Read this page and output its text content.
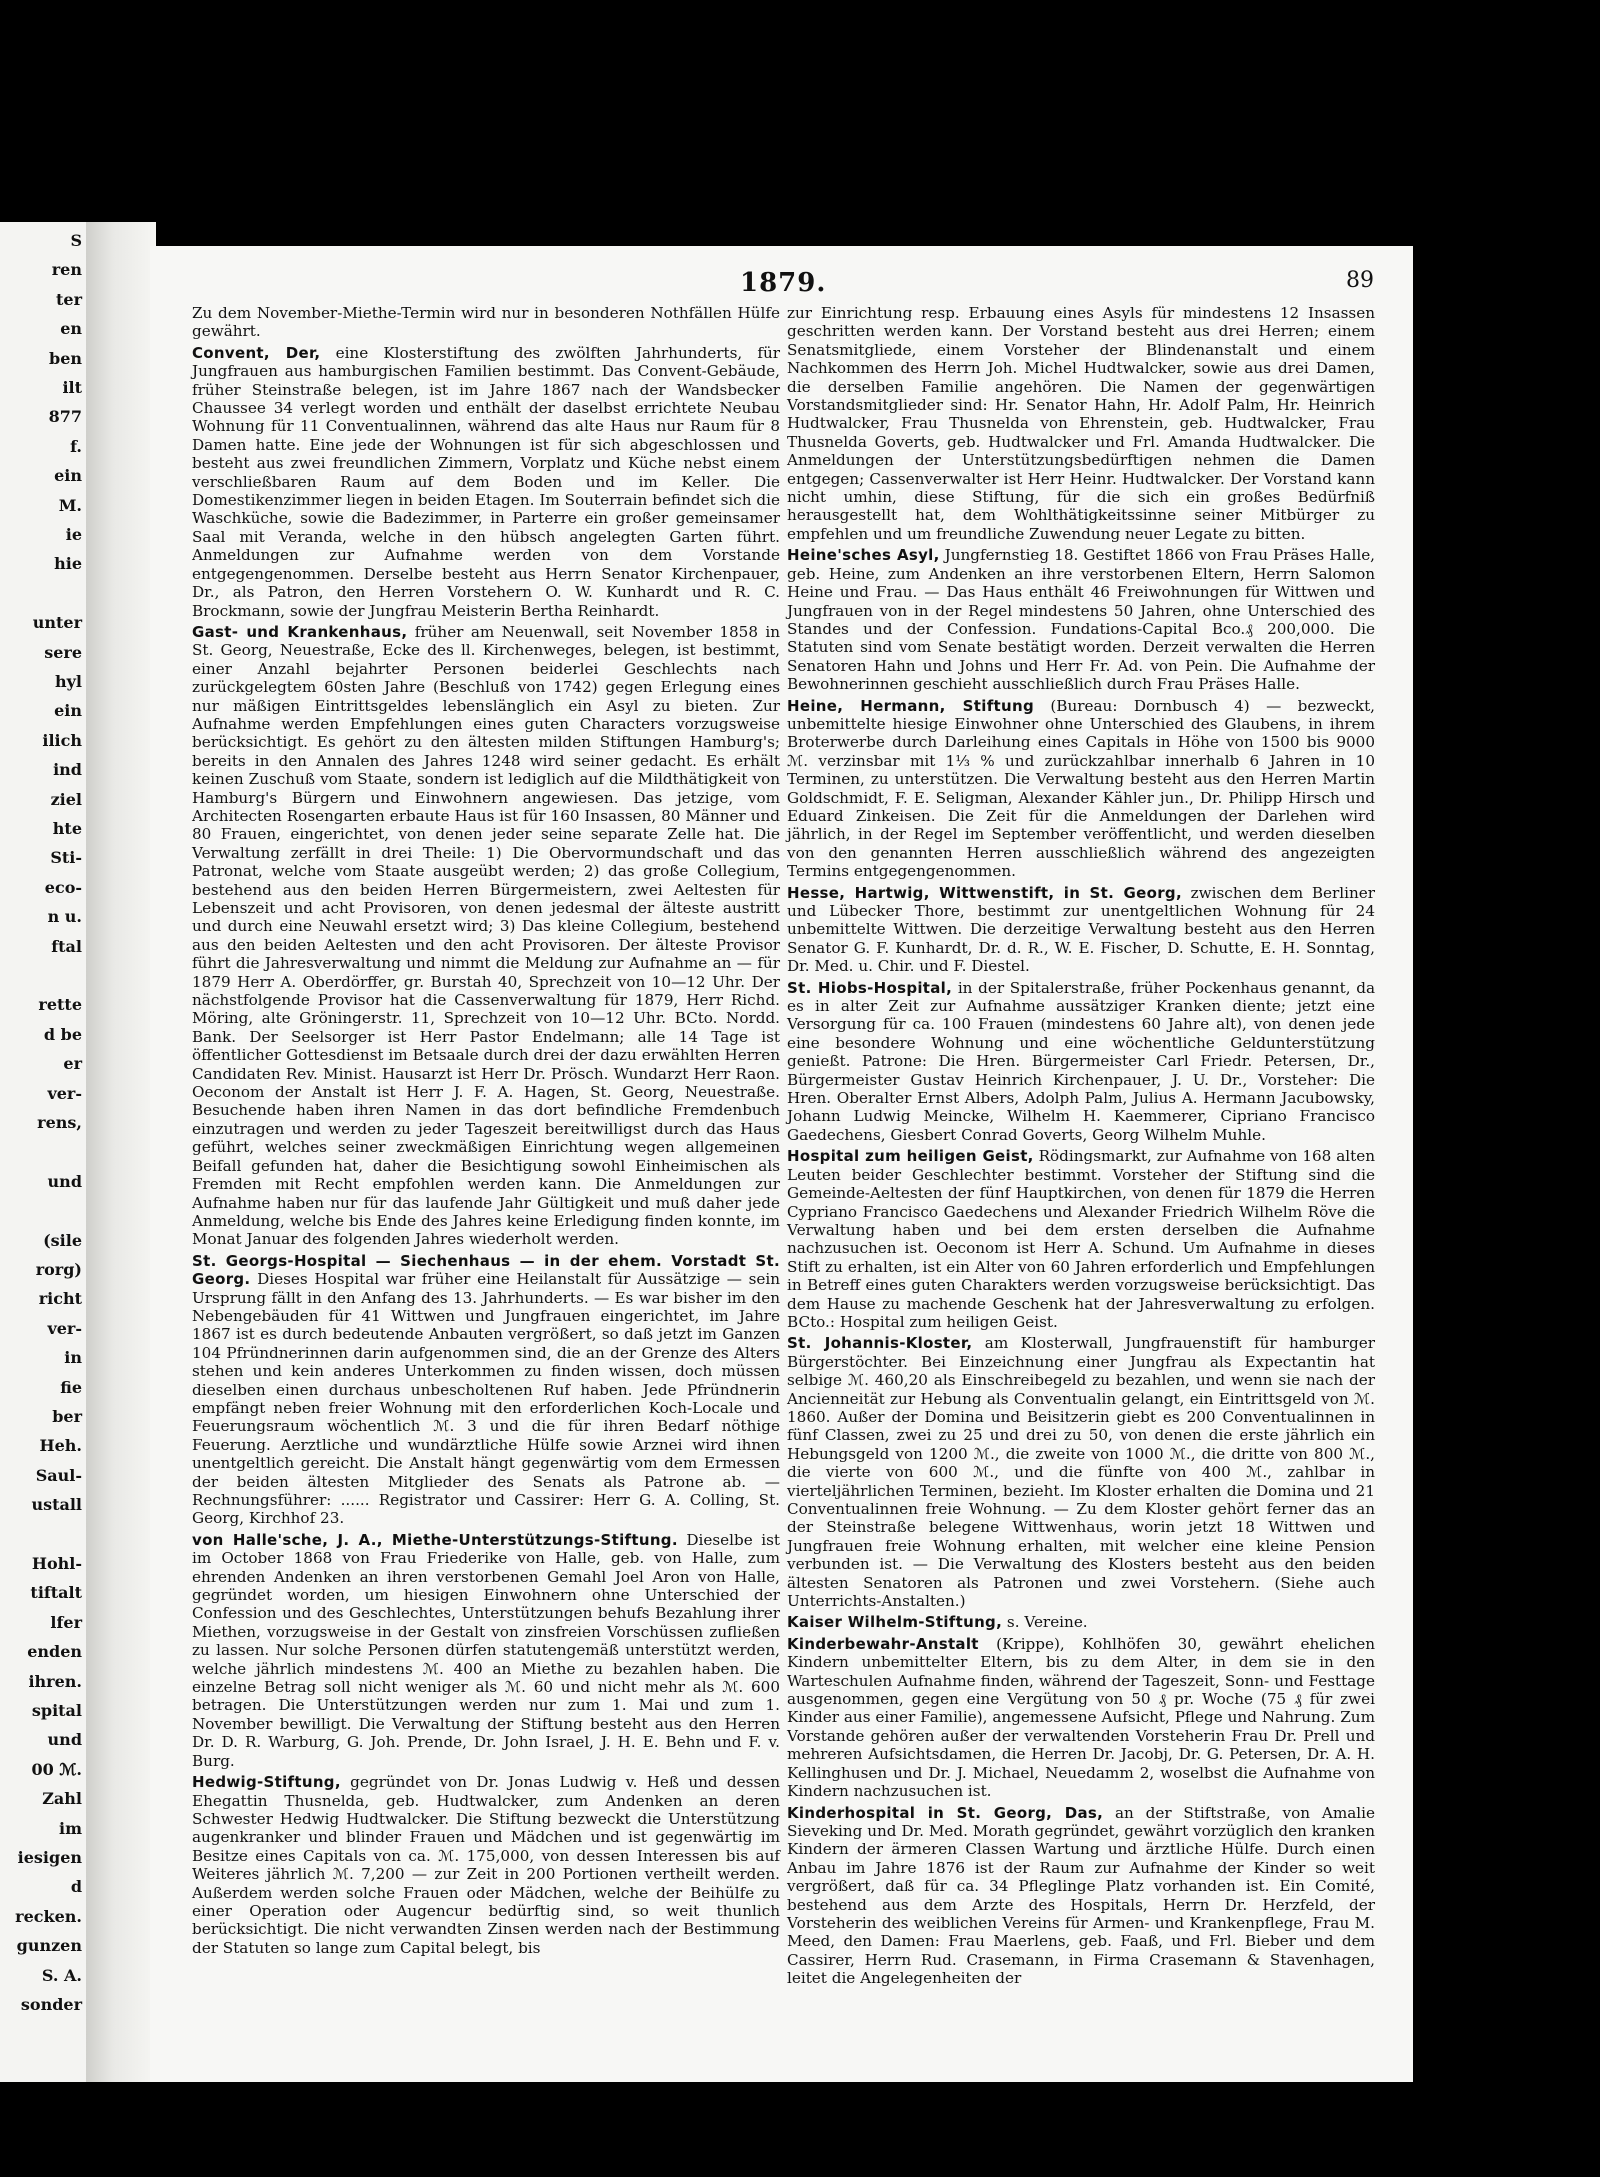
S
ren
ter
en
ben
ilt
877
f.
ein
M.
ie
hie
unter
sere
hyl
ein
ilich
ind
ziel
hte
Sti-
eco-
n u.
ftal
rette
d be
er
ver-
rens,
und
(sile
rorg)
richt
ver-
in
fie
ber
Heh.
Saul-
ustall
Hohl-
tiftalt
lfer
enden
ihren.
spital
und
00 ℳ.
Zahl
im
iesigen
d
recken.
gunzen
S. A.
sonder
1879.	89

Zu dem November-Miethe-Termin wird nur in besonderen Nothfällen Hülfe gewährt.

Convent, Der, eine Klosterstiftung des zwölften Jahrhunderts, für Jungfrauen aus hamburgischen Familien bestimmt. Das Convent-Gebäude, früher Steinstraße belegen, ist im Jahre 1867 nach der Wandsbecker Chaussee 34 verlegt worden und enthält der daselbst errichtete Neubau Wohnung für 11 Conventualinnen, während das alte Haus nur Raum für 8 Damen hatte. Eine jede der Wohnungen ist für sich abgeschlossen und besteht aus zwei freundlichen Zimmern, Vorplatz und Küche nebst einem verschließbaren Raum auf dem Boden und im Keller. Die Domestikenzimmer liegen in beiden Etagen. Im Souterrain befindet sich die Waschküche, sowie die Badezimmer, in Parterre ein großer gemeinsamer Saal mit Veranda, welche in den hübsch angelegten Garten führt. Anmeldungen zur Aufnahme werden von dem Vorstande entgegengenommen. Derselbe besteht aus Herrn Senator Kirchenpauer, Dr., als Patron, den Herren Vorstehern O. W. Kunhardt und R. C. Brockmann, sowie der Jungfrau Meisterin Bertha Reinhardt.

Gast- und Krankenhaus, früher am Neuenwall, seit November 1858 in St. Georg, Neuestraße, Ecke des ll. Kirchenweges, belegen, ist bestimmt, einer Anzahl bejahrter Personen beiderlei Geschlechts nach zurückgelegtem 60sten Jahre (Beschluß von 1742) gegen Erlegung eines nur mäßigen Eintrittsgeldes lebenslänglich ein Asyl zu bieten. Zur Aufnahme werden Empfehlungen eines guten Characters vorzugsweise berücksichtigt. Es gehört zu den ältesten milden Stiftungen Hamburg's; bereits in den Annalen des Jahres 1248 wird seiner gedacht. Es erhält keinen Zuschuß vom Staate, sondern ist lediglich auf die Mildthätigkeit von Hamburg's Bürgern und Einwohnern angewiesen. Das jetzige, vom Architecten Rosengarten erbaute Haus ist für 160 Insassen, 80 Männer und 80 Frauen, eingerichtet, von denen jeder seine separate Zelle hat. Die Verwaltung zerfällt in drei Theile: 1) Die Obervormundschaft und das Patronat, welche vom Staate ausgeübt werden; 2) das große Collegium, bestehend aus den beiden Herren Bürgermeistern, zwei Aeltesten für Lebenszeit und acht Provisoren, von denen jedesmal der älteste austritt und durch eine Neuwahl ersetzt wird; 3) Das kleine Collegium, bestehend aus den beiden Aeltesten und den acht Provisoren. Der älteste Provisor führt die Jahresverwaltung und nimmt die Meldung zur Aufnahme an — für 1879 Herr A. Oberdörffer, gr. Burstah 40, Sprechzeit von 10—12 Uhr. Der nächstfolgende Provisor hat die Cassenverwaltung für 1879, Herr Richd. Möring, alte Gröningerstr. 11, Sprechzeit von 10—12 Uhr. BCto. Nordd. Bank. Der Seelsorger ist Herr Pastor Endelmann; alle 14 Tage ist öffentlicher Gottesdienst im Betsaale durch drei der dazu erwählten Herren Candidaten Rev. Minist. Hausarzt ist Herr Dr. Prösch. Wundarzt Herr Raon. Oeconom der Anstalt ist Herr J. F. A. Hagen, St. Georg, Neuestraße. Besuchende haben ihren Namen in das dort befindliche Fremdenbuch einzutragen und werden zu jeder Tageszeit bereitwilligst durch das Haus geführt, welches seiner zweckmäßigen Einrichtung wegen allgemeinen Beifall gefunden hat, daher die Besichtigung sowohl Einheimischen als Fremden mit Recht empfohlen werden kann. Die Anmeldungen zur Aufnahme haben nur für das laufende Jahr Gültigkeit und muß daher jede Anmeldung, welche bis Ende des Jahres keine Erledigung finden konnte, im Monat Januar des folgenden Jahres wiederholt werden.

St. Georgs-Hospital — Siechenhaus — in der ehem. Vorstadt St. Georg. Dieses Hospital war früher eine Heilanstalt für Aussätzige — sein Ursprung fällt in den Anfang des 13. Jahrhunderts. — Es war bisher im den Nebengebäuden für 41 Wittwen und Jungfrauen eingerichtet, im Jahre 1867 ist es durch bedeutende Anbauten vergrößert, so daß jetzt im Ganzen 104 Pfründnerinnen darin aufgenommen sind, die an der Grenze des Alters stehen und kein anderes Unterkommen zu finden wissen, doch müssen dieselben einen durchaus unbescholtenen Ruf haben. Jede Pfründnerin empfängt neben freier Wohnung mit den erforderlichen Koch-Locale und Feuerungsraum wöchentlich ℳ. 3 und die für ihren Bedarf nöthige Feuerung. Aerztliche und wundärztliche Hülfe sowie Arznei wird ihnen unentgeltlich gereicht. Die Anstalt hängt gegenwärtig vom dem Ermessen der beiden ältesten Mitglieder des Senats als Patrone ab. — Rechnungsführer: ...... Registrator und Cassirer: Herr G. A. Colling, St. Georg, Kirchhof 23.

von Halle'sche, J. A., Miethe-Unterstützungs-Stiftung. Dieselbe ist im October 1868 von Frau Friederike von Halle, geb. von Halle, zum ehrenden Andenken an ihren verstorbenen Gemahl Joel Aron von Halle, gegründet worden, um hiesigen Einwohnern ohne Unterschied der Confession und des Geschlechtes, Unterstützungen behufs Bezahlung ihrer Miethen, vorzugsweise in der Gestalt von zinsfreien Vorschüssen zufließen zu lassen. Nur solche Personen dürfen statutengemäß unterstützt werden, welche jährlich mindestens ℳ. 400 an Miethe zu bezahlen haben. Die einzelne Betrag soll nicht weniger als ℳ. 60 und nicht mehr als ℳ. 600 betragen. Die Unterstützungen werden nur zum 1. Mai und zum 1. November bewilligt. Die Verwaltung der Stiftung besteht aus den Herren Dr. D. R. Warburg, G. Joh. Prende, Dr. John Israel, J. H. E. Behn und F. v. Burg.

Hedwig-Stiftung, gegründet von Dr. Jonas Ludwig v. Heß und dessen Ehegattin Thusnelda, geb. Hudtwalcker, zum Andenken an deren Schwester Hedwig Hudtwalcker. Die Stiftung bezweckt die Unterstützung augenkranker und blinder Frauen und Mädchen und ist gegenwärtig im Besitze eines Capitals von ca. ℳ. 175,000, von dessen Interessen bis auf Weiteres jährlich ℳ. 7,200 — zur Zeit in 200 Portionen vertheilt werden. Außerdem werden solche Frauen oder Mädchen, welche der Beihülfe zu einer Operation oder Augencur bedürftig sind, so weit thunlich berücksichtigt. Die nicht verwandten Zinsen werden nach der Bestimmung der Statuten so lange zum Capital belegt, bis

zur Einrichtung resp. Erbauung eines Asyls für mindestens 12 Insassen geschritten werden kann. Der Vorstand besteht aus drei Herren; einem Senatsmitgliede, einem Vorsteher der Blindenanstalt und einem Nachkommen des Herrn Joh. Michel Hudtwalcker, sowie aus drei Damen, die derselben Familie angehören. Die Namen der gegenwärtigen Vorstandsmitglieder sind: Hr. Senator Hahn, Hr. Adolf Palm, Hr. Heinrich Hudtwalcker, Frau Thusnelda von Ehrenstein, geb. Hudtwalcker, Frau Thusnelda Goverts, geb. Hudtwalcker und Frl. Amanda Hudtwalcker. Die Anmeldungen der Unterstützungsbedürftigen nehmen die Damen entgegen; Cassenverwalter ist Herr Heinr. Hudtwalcker. Der Vorstand kann nicht umhin, diese Stiftung, für die sich ein großes Bedürfniß herausgestellt hat, dem Wohlthätigkeitssinne seiner Mitbürger zu empfehlen und um freundliche Zuwendung neuer Legate zu bitten.

Heine'sches Asyl, Jungfernstieg 18. Gestiftet 1866 von Frau Präses Halle, geb. Heine, zum Andenken an ihre verstorbenen Eltern, Herrn Salomon Heine und Frau. — Das Haus enthält 46 Freiwohnungen für Wittwen und Jungfrauen von in der Regel mindestens 50 Jahren, ohne Unterschied des Standes und der Confession. Fundations-Capital Bco.₰ 200,000. Die Statuten sind vom Senate bestätigt worden. Derzeit verwalten die Herren Senatoren Hahn und Johns und Herr Fr. Ad. von Pein. Die Aufnahme der Bewohnerinnen geschieht ausschließlich durch Frau Präses Halle.

Heine, Hermann, Stiftung (Bureau: Dornbusch 4) — bezweckt, unbemittelte hiesige Einwohner ohne Unterschied des Glaubens, in ihrem Broterwerbe durch Darleihung eines Capitals in Höhe von 1500 bis 9000 ℳ. verzinsbar mit 1⅓ % und zurückzahlbar innerhalb 6 Jahren in 10 Terminen, zu unterstützen. Die Verwaltung besteht aus den Herren Martin Goldschmidt, F. E. Seligman, Alexander Kähler jun., Dr. Philipp Hirsch und Eduard Zinkeisen. Die Zeit für die Anmeldungen der Darlehen wird jährlich, in der Regel im September veröffentlicht, und werden dieselben von den genannten Herren ausschließlich während des angezeigten Termins entgegengenommen.

Hesse, Hartwig, Wittwenstift, in St. Georg, zwischen dem Berliner und Lübecker Thore, bestimmt zur unentgeltlichen Wohnung für 24 unbemittelte Wittwen. Die derzeitige Verwaltung besteht aus den Herren Senator G. F. Kunhardt, Dr. d. R., W. E. Fischer, D. Schutte, E. H. Sonntag, Dr. Med. u. Chir. und F. Diestel.

St. Hiobs-Hospital, in der Spitalerstraße, früher Pockenhaus genannt, da es in alter Zeit zur Aufnahme aussätziger Kranken diente; jetzt eine Versorgung für ca. 100 Frauen (mindestens 60 Jahre alt), von denen jede eine besondere Wohnung und eine wöchentliche Geldunterstützung genießt. Patrone: Die Hren. Bürgermeister Carl Friedr. Petersen, Dr., Bürgermeister Gustav Heinrich Kirchenpauer, J. U. Dr., Vorsteher: Die Hren. Oberalter Ernst Albers, Adolph Palm, Julius A. Hermann Jacubowsky, Johann Ludwig Meincke, Wilhelm H. Kaemmerer, Cipriano Francisco Gaedechens, Giesbert Conrad Goverts, Georg Wilhelm Muhle.

Hospital zum heiligen Geist, Rödingsmarkt, zur Aufnahme von 168 alten Leuten beider Geschlechter bestimmt. Vorsteher der Stiftung sind die Gemeinde-Aeltesten der fünf Hauptkirchen, von denen für 1879 die Herren Cypriano Francisco Gaedechens und Alexander Friedrich Wilhelm Röve die Verwaltung haben und bei dem ersten derselben die Aufnahme nachzusuchen ist. Oeconom ist Herr A. Schund. Um Aufnahme in dieses Stift zu erhalten, ist ein Alter von 60 Jahren erforderlich und Empfehlungen in Betreff eines guten Charakters werden vorzugsweise berücksichtigt. Das dem Hause zu machende Geschenk hat der Jahresverwaltung zu erfolgen. BCto.: Hospital zum heiligen Geist.

St. Johannis-Kloster, am Klosterwall, Jungfrauenstift für hamburger Bürgerstöchter. Bei Einzeichnung einer Jungfrau als Expectantin hat selbige ℳ. 460,20 als Einschreibegeld zu bezahlen, und wenn sie nach der Ancienneität zur Hebung als Conventualin gelangt, ein Eintrittsgeld von ℳ. 1860. Außer der Domina und Beisitzerin giebt es 200 Conventualinnen in fünf Classen, zwei zu 25 und drei zu 50, von denen die erste jährlich ein Hebungsgeld von 1200 ℳ., die zweite von 1000 ℳ., die dritte von 800 ℳ., die vierte von 600 ℳ., und die fünfte von 400 ℳ., zahlbar in vierteljährlichen Terminen, bezieht. Im Kloster erhalten die Domina und 21 Conventualinnen freie Wohnung. — Zu dem Kloster gehört ferner das an der Steinstraße belegene Wittwenhaus, worin jetzt 18 Wittwen und Jungfrauen freie Wohnung erhalten, mit welcher eine kleine Pension verbunden ist. — Die Verwaltung des Klosters besteht aus den beiden ältesten Senatoren als Patronen und zwei Vorstehern. (Siehe auch Unterrichts-Anstalten.)

Kaiser Wilhelm-Stiftung, s. Vereine.

Kinderbewahr-Anstalt (Krippe), Kohlhöfen 30, gewährt ehelichen Kindern unbemittelter Eltern, bis zu dem Alter, in dem sie in den Warteschulen Aufnahme finden, während der Tageszeit, Sonn- und Festtage ausgenommen, gegen eine Vergütung von 50 ₰ pr. Woche (75 ₰ für zwei Kinder aus einer Familie), angemessene Aufsicht, Pflege und Nahrung. Zum Vorstande gehören außer der verwaltenden Vorsteherin Frau Dr. Prell und mehreren Aufsichtsdamen, die Herren Dr. Jacobj, Dr. G. Petersen, Dr. A. H. Kellinghusen und Dr. J. Michael, Neuedamm 2, woselbst die Aufnahme von Kindern nachzusuchen ist.

Kinderhospital in St. Georg, Das, an der Stiftstraße, von Amalie Sieveking und Dr. Med. Morath gegründet, gewährt vorzüglich den kranken Kindern der ärmeren Classen Wartung und ärztliche Hülfe. Durch einen Anbau im Jahre 1876 ist der Raum zur Aufnahme der Kinder so weit vergrößert, daß für ca. 34 Pfleglinge Platz vorhanden ist. Ein Comité, bestehend aus dem Arzte des Hospitals, Herrn Dr. Herzfeld, der Vorsteherin des weiblichen Vereins für Armen- und Krankenpflege, Frau M. Meed, den Damen: Frau Maerlens, geb. Faaß, und Frl. Bieber und dem Cassirer, Herrn Rud. Crasemann, in Firma Crasemann & Stavenhagen, leitet die Angelegenheiten der
